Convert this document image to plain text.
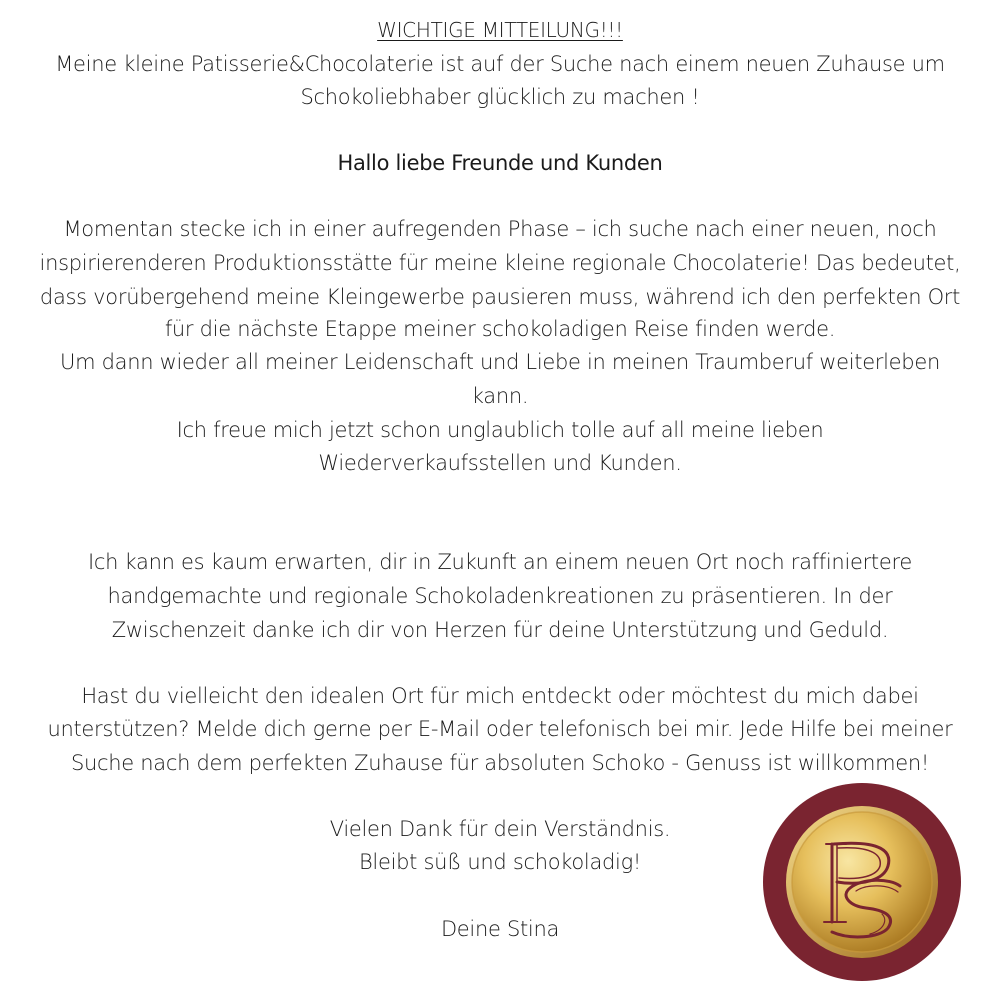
WICHTIGE MITTEILUNG!!!
Meine kleine Patisserie&Chocolaterie ist auf der Suche nach einem neuen Zuhause um
Schokoliebhaber glücklich zu machen !
Hallo liebe Freunde und Kunden
Momentan stecke ich in einer aufregenden Phase – ich suche nach einer neuen, noch
inspirierenderen Produktionsstätte für meine kleine regionale Chocolaterie! Das bedeutet,
dass vorübergehend meine Kleingewerbe pausieren muss, während ich den perfekten Ort
für die nächste Etappe meiner schokoladigen Reise finden werde.
Um dann wieder all meiner Leidenschaft und Liebe in meinen Traumberuf weiterleben
kann.
Ich freue mich jetzt schon unglaublich tolle auf all meine lieben
Wiederverkaufsstellen und Kunden.
Ich kann es kaum erwarten, dir in Zukunft an einem neuen Ort noch raffiniertere
handgemachte und regionale Schokoladenkreationen zu präsentieren. In der
Zwischenzeit danke ich dir von Herzen für deine Unterstützung und Geduld.
Hast du vielleicht den idealen Ort für mich entdeckt oder möchtest du mich dabei
unterstützen? Melde dich gerne per E-Mail oder telefonisch bei mir. Jede Hilfe bei meiner
Suche nach dem perfekten Zuhause für absoluten Schoko - Genuss ist willkommen!
Vielen Dank für dein Verständnis.
Bleibt süß und schokoladig!
Deine Stina
